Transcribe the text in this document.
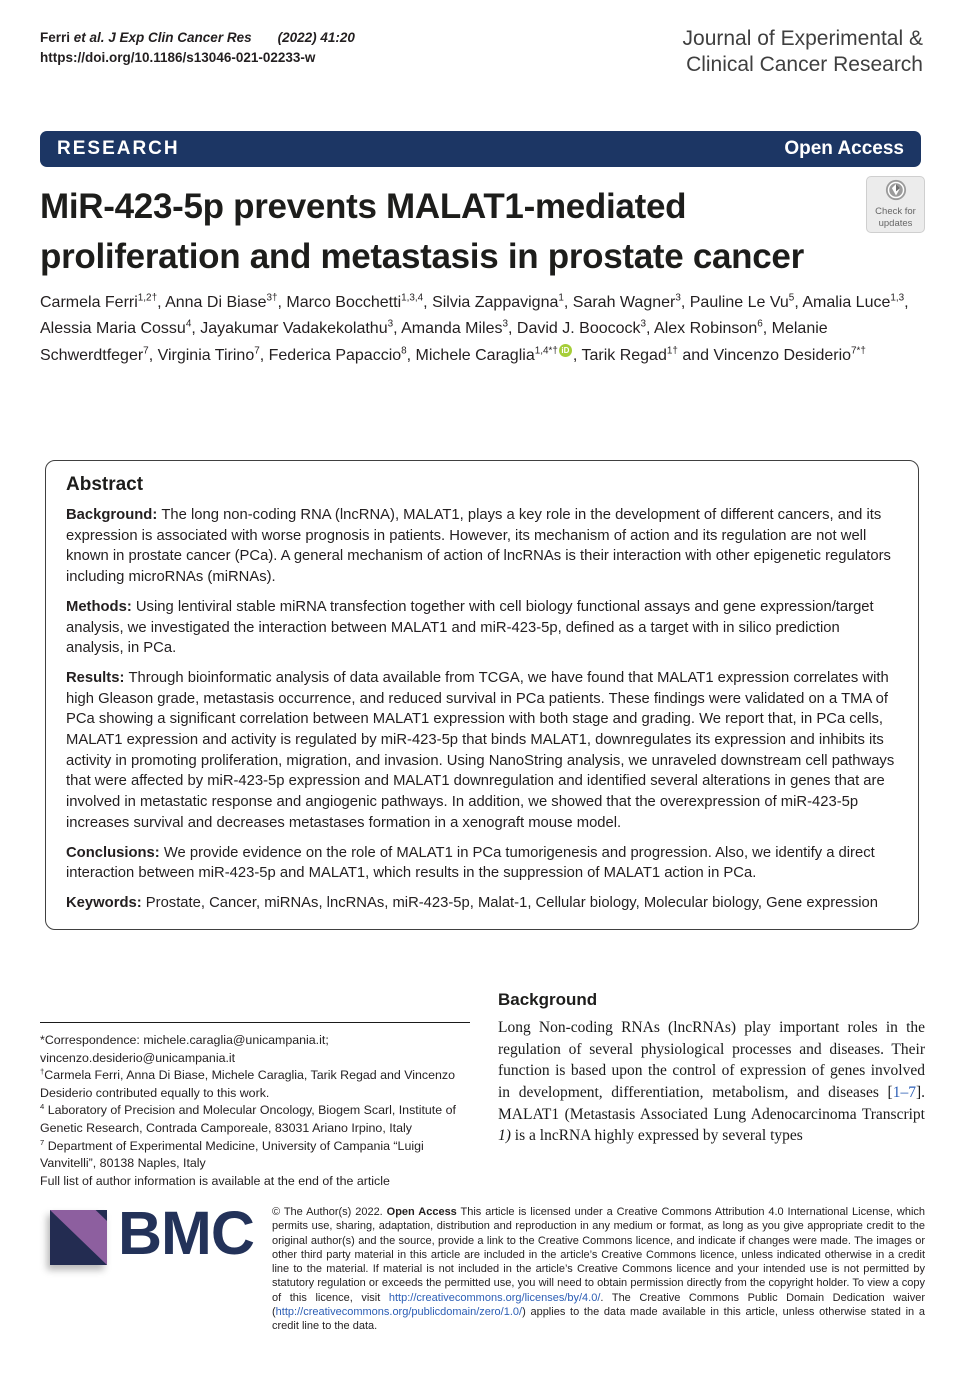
Ferri et al. J Exp Clin Cancer Res (2022) 41:20
https://doi.org/10.1186/s13046-021-02233-w
Journal of Experimental &
Clinical Cancer Research
RESEARCH	Open Access
MiR-423-5p prevents MALAT1-mediated proliferation and metastasis in prostate cancer
Check for
updates
Carmela Ferri$^{1,2\dagger}$, Anna Di Biase$^{3\dagger}$, Marco Bocchetti$^{1,3,4}$, Silvia Zappavigna$^1$, Sarah Wagner$^3$, Pauline Le Vu$^5$, Amalia Luce$^{1,3}$, Alessia Maria Cossu$^4$, Jayakumar Vadakekolathu$^3$, Amanda Miles$^3$, David J. Boocock$^3$, Alex Robinson$^6$, Melanie Schwerdtfeger$^7$, Virginia Tirino$^7$, Federica Papaccio$^8$, Michele Caraglia$^{1,4*\dagger}$ iD , Tarik Regad$^{1\dagger}$ and Vincenzo Desiderio$^{7*\dagger}$
Abstract

Background: The long non-coding RNA (lncRNA), MALAT1, plays a key role in the development of different cancers, and its expression is associated with worse prognosis in patients. However, its mechanism of action and its regulation are not well known in prostate cancer (PCa). A general mechanism of action of lncRNAs is their interaction with other epigenetic regulators including microRNAs (miRNAs).

Methods: Using lentiviral stable miRNA transfection together with cell biology functional assays and gene expression/target analysis, we investigated the interaction between MALAT1 and miR-423-5p, defined as a target with in silico prediction analysis, in PCa.

Results: Through bioinformatic analysis of data available from TCGA, we have found that MALAT1 expression correlates with high Gleason grade, metastasis occurrence, and reduced survival in PCa patients. These findings were validated on a TMA of PCa showing a significant correlation between MALAT1 expression with both stage and grading. We report that, in PCa cells, MALAT1 expression and activity is regulated by miR-423-5p that binds MALAT1, downregulates its expression and inhibits its activity in promoting proliferation, migration, and invasion. Using NanoString analysis, we unraveled downstream cell pathways that were affected by miR-423-5p expression and MALAT1 downregulation and identified several alterations in genes that are involved in metastatic response and angiogenic pathways. In addition, we showed that the overexpression of miR-423-5p increases survival and decreases metastases formation in a xenograft mouse model.

Conclusions: We provide evidence on the role of MALAT1 in PCa tumorigenesis and progression. Also, we identify a direct interaction between miR-423-5p and MALAT1, which results in the suppression of MALAT1 action in PCa.

Keywords: Prostate, Cancer, miRNAs, lncRNAs, miR-423-5p, Malat-1, Cellular biology, Molecular biology, Gene expression

*Correspondence: michele.caraglia@unicampania.it; vincenzo.desiderio@unicampania.it

†Carmela Ferri, Anna Di Biase, Michele Caraglia, Tarik Regad and Vincenzo Desiderio contributed equally to this work.

$^4$ Laboratory of Precision and Molecular Oncology, Biogem Scarl, Institute of Genetic Research, Contrada Camporeale, 83031 Ariano Irpino, Italy

$^7$ Department of Experimental Medicine, University of Campania “Luigi Vanvitelli”, 80138 Naples, Italy

Full list of author information is available at the end of the article

Background

Long Non-coding RNAs (lncRNAs) play important roles in the regulation of several physiological processes and diseases. Their function is based upon the control of expression of genes involved in development, differentiation, metabolism, and diseases [1–7]. MALAT1 (Metastasis Associated Lung Adenocarcinoma Transcript 1) is a lncRNA highly expressed by several types

BMC © The Author(s) 2022. Open Access This article is licensed under a Creative Commons Attribution 4.0 International License, which permits use, sharing, adaptation, distribution and reproduction in any medium or format, as long as you give appropriate credit to the original author(s) and the source, provide a link to the Creative Commons licence, and indicate if changes were made. The images or other third party material in this article are included in the article’s Creative Commons licence, unless indicated otherwise in a credit line to the material. If material is not included in the article’s Creative Commons licence and your intended use is not permitted by statutory regulation or exceeds the permitted use, you will need to obtain permission directly from the copyright holder. To view a copy of this licence, visit http://creativecommons.org/licenses/by/4.0/. The Creative Commons Public Domain Dedication waiver (http://creativecommons.org/publicdomain/zero/1.0/) applies to the data made available in this article, unless otherwise stated in a credit line to the data.
